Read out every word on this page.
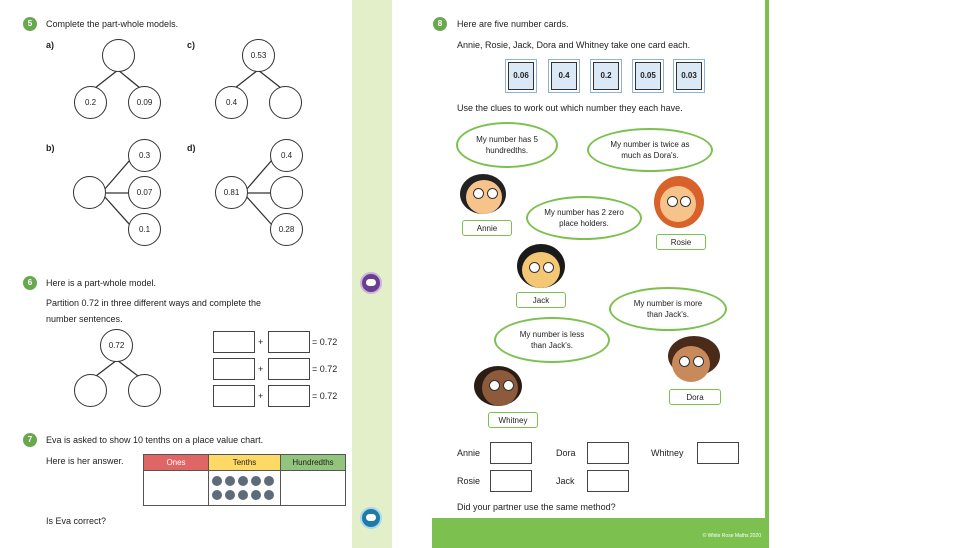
5	Complete the part-whole models.
a)
0.2	0.09
c)
0.53
0.4
b)
0.3
0.07
0.1
d)
0.81
0.4
0.28
6	Here is a part-whole model.
Partition 0.72 in three different ways and complete the
number sentences.
0.72	+	= 0.72
+	= 0.72
+	= 0.72
7	Eva is asked to show 10 tenths on a place value chart.
Here is her answer.	Ones	Tenths	Hundredths
Is Eva correct?
8	Here are five number cards.
Annie, Rosie, Jack, Dora and Whitney take one card each.
0.06	0.4	0.2	0.05	0.03
Use the clues to work out which number they each have.
My number has 5 hundredths.
My number is twice as much as Dora's.
My number has 2 zero place holders.
My number is more than Jack's.
My number is less than Jack's.
Annie
Rosie
Jack
Whitney
Dora
Annie	Dora	Whitney
Rosie	Jack
Did your partner use the same method?
© White Rose Maths 2020
